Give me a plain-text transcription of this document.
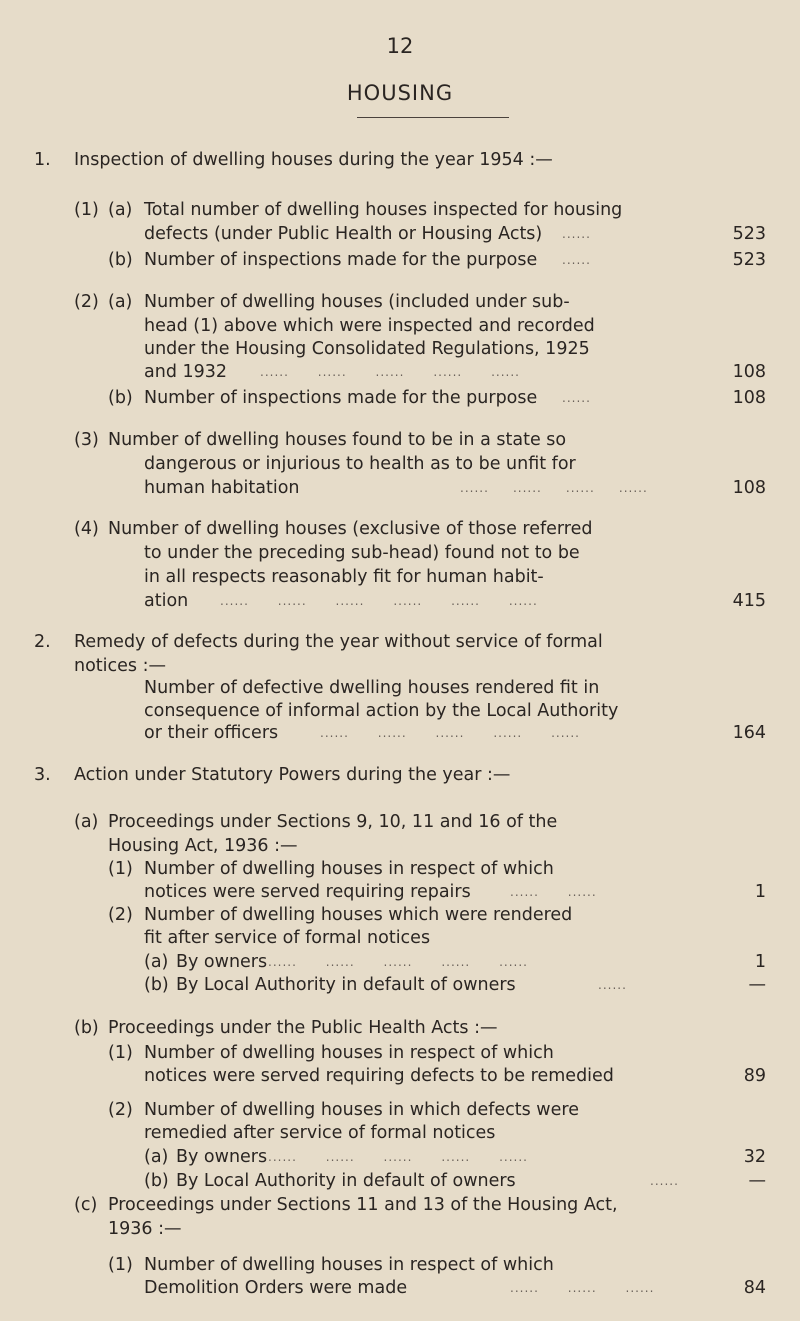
12
HOUSING
1. Inspection of dwelling houses during the year 1954 :—
(1) (a) Total number of dwelling houses inspected for housing
defects (under Public Health or Housing Acts) ......	523
(b) Number of inspections made for the purpose ......	523
(2) (a) Number of dwelling houses (included under sub-
head (1) above which were inspected and recorded
under the Housing Consolidated Regulations, 1925
and 1932	......      ......      ......      ......      ......	108
(b) Number of inspections made for the purpose ......	108
(3) Number of dwelling houses found to be in a state so
dangerous or injurious to health as to be unfit for
human habitation	......     ......     ......     ......	108
(4) Number of dwelling houses (exclusive of those referred
to under the preceding sub-head) found not to be
in all respects reasonably fit for human habit-
ation	......      ......      ......      ......      ......      ......	415
2. Remedy of defects during the year without service of formal
notices :—
Number of defective dwelling houses rendered fit in
consequence of informal action by the Local Authority
or their officers	......      ......      ......      ......      ......	164
3. Action under Statutory Powers during the year :—
(a) Proceedings under Sections 9, 10, 11 and 16 of the
Housing Act, 1936 :—
(1) Number of dwelling houses in respect of which
notices were served requiring repairs	......      ......	1
(2) Number of dwelling houses which were rendered
fit after service of formal notices
(a) By owners ......      ......      ......      ......      ......	1
(b) By Local Authority in default of owners	......	—
(b) Proceedings under the Public Health Acts :—
(1) Number of dwelling houses in respect of which
notices were served requiring defects to be remedied	89
(2) Number of dwelling houses in which defects were
remedied after service of formal notices
(a) By owners ......      ......      ......      ......      ......	32
(b) By Local Authority in default of owners	......	—
(c) Proceedings under Sections 11 and 13 of the Housing Act,
1936 :—
(1) Number of dwelling houses in respect of which
Demolition Orders were made	......      ......      ......	84
